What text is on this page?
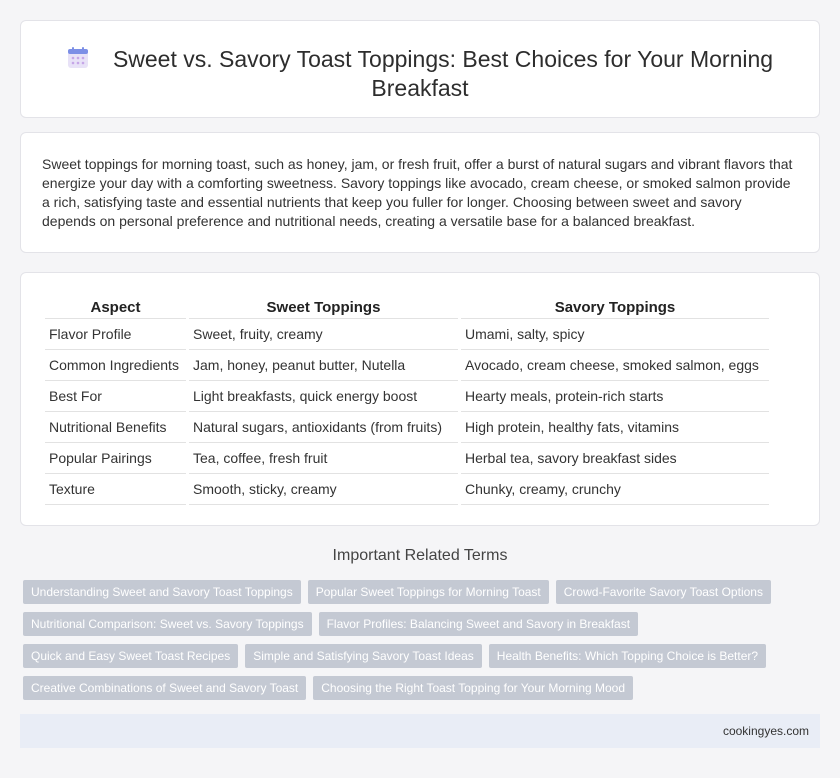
Sweet vs. Savory Toast Toppings: Best Choices for Your Morning Breakfast

Sweet toppings for morning toast, such as honey, jam, or fresh fruit, offer a burst of natural sugars and vibrant flavors that energize your day with a comforting sweetness. Savory toppings like avocado, cream cheese, or smoked salmon provide a rich, satisfying taste and essential nutrients that keep you fuller for longer. Choosing between sweet and savory depends on personal preference and nutritional needs, creating a versatile base for a balanced breakfast.

Aspect	Sweet Toppings	Savory Toppings
Flavor Profile	Sweet, fruity, creamy	Umami, salty, spicy
Common Ingredients	Jam, honey, peanut butter, Nutella	Avocado, cream cheese, smoked salmon, eggs
Best For	Light breakfasts, quick energy boost	Hearty meals, protein-rich starts
Nutritional Benefits	Natural sugars, antioxidants (from fruits)	High protein, healthy fats, vitamins
Popular Pairings	Tea, coffee, fresh fruit	Herbal tea, savory breakfast sides
Texture	Smooth, sticky, creamy	Chunky, creamy, crunchy
Important Related Terms
Understanding Sweet and Savory Toast Toppings Popular Sweet Toppings for Morning Toast Crowd-Favorite Savory Toast Options
Nutritional Comparison: Sweet vs. Savory Toppings Flavor Profiles: Balancing Sweet and Savory in Breakfast
Quick and Easy Sweet Toast Recipes Simple and Satisfying Savory Toast Ideas Health Benefits: Which Topping Choice is Better?
Creative Combinations of Sweet and Savory Toast Choosing the Right Toast Topping for Your Morning Mood
cookingyes.com
